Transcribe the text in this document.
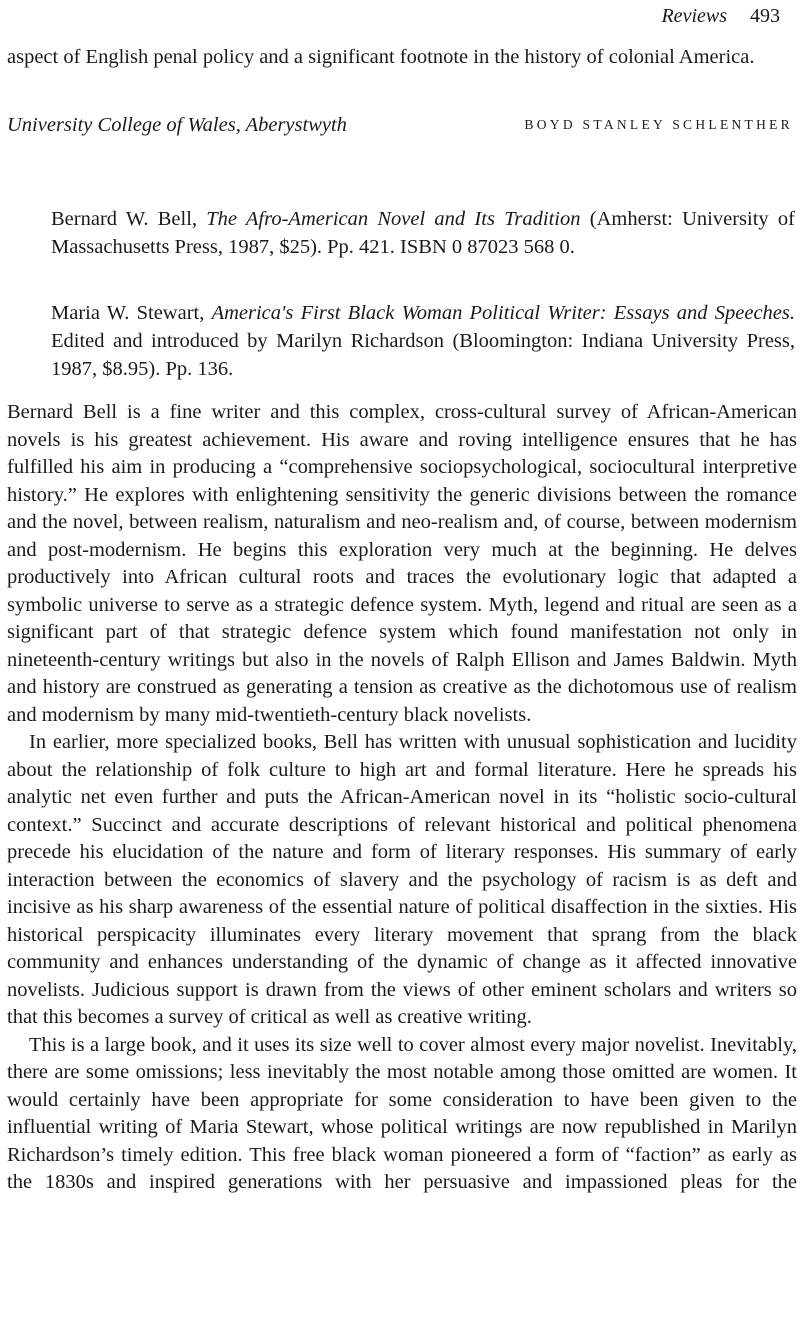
Reviews 493

aspect of English penal policy and a significant footnote in the history of colonial America.

University College of Wales, Aberystwyth	BOYD STANLEY SCHLENTHER

Bernard W. Bell, The Afro-American Novel and Its Tradition (Amherst: University of Massachusetts Press, 1987, $25). Pp. 421. ISBN 0 87023 568 0.

Maria W. Stewart, America's First Black Woman Political Writer: Essays and Speeches. Edited and introduced by Marilyn Richardson (Bloomington: Indiana University Press, 1987, $8.95). Pp. 136.

Bernard Bell is a fine writer and this complex, cross-cultural survey of African-American novels is his greatest achievement. His aware and roving intelligence ensures that he has fulfilled his aim in producing a “comprehensive sociopsychological, sociocultural interpretive history.” He explores with enlightening sensitivity the generic divisions between the romance and the novel, between realism, naturalism and neo-realism and, of course, between modernism and post-modernism. He begins this exploration very much at the beginning. He delves productively into African cultural roots and traces the evolutionary logic that adapted a symbolic universe to serve as a strategic defence system. Myth, legend and ritual are seen as a significant part of that strategic defence system which found manifestation not only in nineteenth-century writings but also in the novels of Ralph Ellison and James Baldwin. Myth and history are construed as generating a tension as creative as the dichotomous use of realism and modernism by many mid-twentieth-century black novelists.

In earlier, more specialized books, Bell has written with unusual sophistication and lucidity about the relationship of folk culture to high art and formal literature. Here he spreads his analytic net even further and puts the African-American novel in its “holistic socio-cultural context.” Succinct and accurate descriptions of relevant historical and political phenomena precede his elucidation of the nature and form of literary responses. His summary of early interaction between the economics of slavery and the psychology of racism is as deft and incisive as his sharp awareness of the essential nature of political disaffection in the sixties. His historical perspicacity illuminates every literary movement that sprang from the black community and enhances understanding of the dynamic of change as it affected innovative novelists. Judicious support is drawn from the views of other eminent scholars and writers so that this becomes a survey of critical as well as creative writing.

This is a large book, and it uses its size well to cover almost every major novelist. Inevitably, there are some omissions; less inevitably the most notable among those omitted are women. It would certainly have been appropriate for some consideration to have been given to the influential writing of Maria Stewart, whose political writings are now republished in Marilyn Richardson’s timely edition. This free black woman pioneered a form of “faction” as early as the 1830s and inspired generations with her persuasive and impassioned pleas for the
